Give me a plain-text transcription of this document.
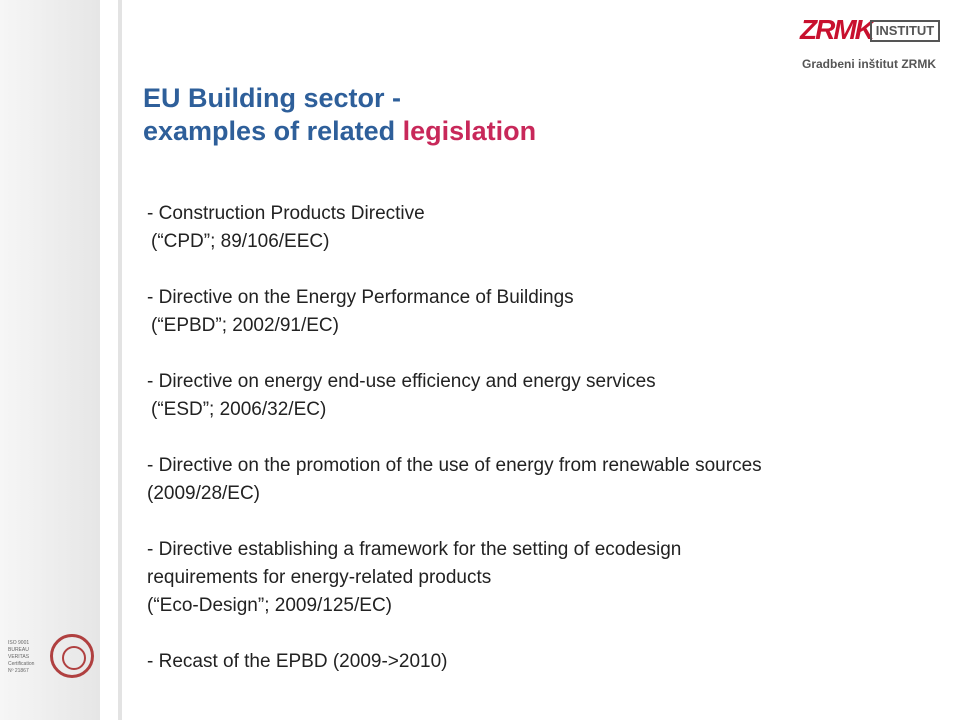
ZRMK INSTITUT
Gradbeni inštitut ZRMK
EU Building sector -
examples of related legislation

- Construction Products Directive

(“CPD”; 89/106/EEC)

- Directive on the Energy Performance of Buildings

(“EPBD”; 2002/91/EC)

- Directive on energy end-use efficiency and energy services

(“ESD”; 2006/32/EC)

- Directive on the promotion of the use of energy from renewable sources

(2009/28/EC)

- Directive establishing a framework for the setting of ecodesign

requirements for energy-related products

(“Eco-Design”; 2009/125/EC)

- Recast of the EPBD (2009->2010)

ISO 9001
BUREAU VERITAS
Certification
Nº 21867
